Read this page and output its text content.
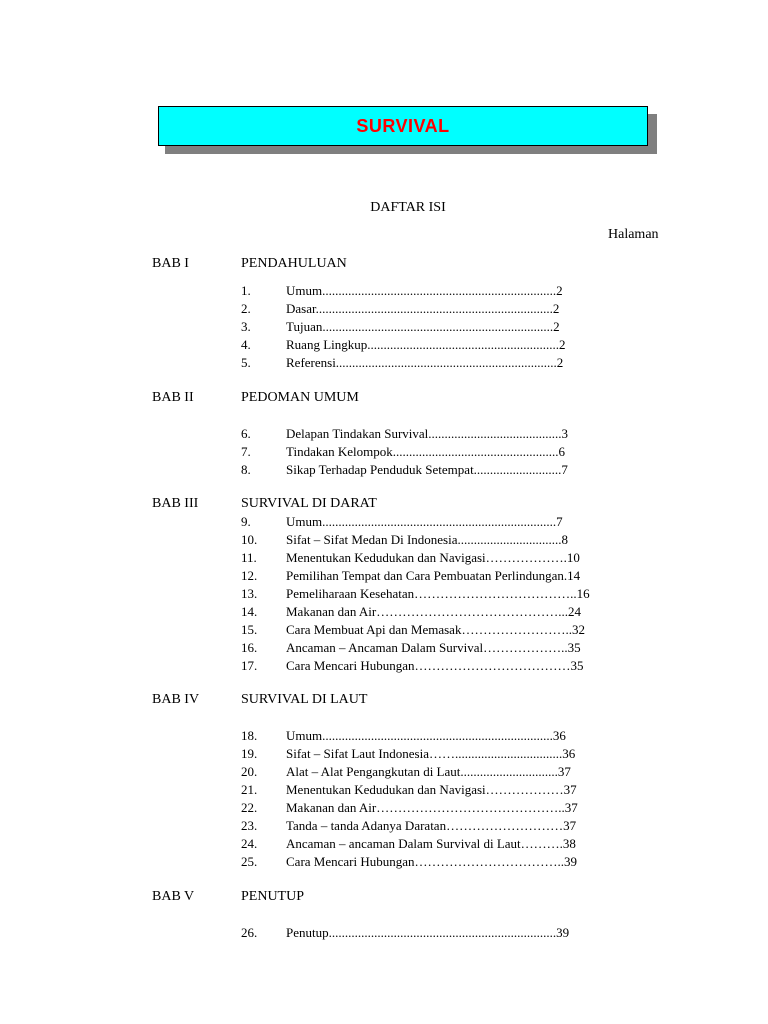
SURVIVAL
DAFTAR ISI
Halaman
BAB I	PENDAHULUAN
1.	Umum........................................................................2
2.	Dasar.........................................................................2
3.	Tujuan.......................................................................2
4.	Ruang Lingkup...........................................................2
5.	Referensi....................................................................2
BAB II	PEDOMAN UMUM
6.	Delapan Tindakan Survival.........................................3
7.	Tindakan Kelompok...................................................6
8.	Sikap Terhadap Penduduk Setempat...........................7
BAB III	SURVIVAL DI DARAT
9.	Umum........................................................................7
10.	Sifat – Sifat Medan Di Indonesia................................8
11.	Menentukan Kedudukan dan Navigasi……………….10
12.	Pemilihan Tempat dan Cara Pembuatan Perlindungan.14
13.	Pemeliharaan Kesehatan………………………………..16
14.	Makanan dan Air……………………………………...24
15.	Cara Membuat Api dan Memasak……………………..32
16.	Ancaman – Ancaman Dalam Survival………………..35
17.	Cara Mencari Hubungan………………………………35
BAB IV	SURVIVAL DI LAUT
18.	Umum.......................................................................36
19.	Sifat – Sifat Laut Indonesia…….................................36
20.	Alat – Alat Pengangkutan di Laut..............................37
21.	Menentukan Kedudukan dan Navigasi………………37
22.	Makanan dan Air……………………………………..37
23.	Tanda – tanda Adanya Daratan………………………37
24.	Ancaman – ancaman Dalam Survival di Laut……….38
25.	Cara Mencari Hubungan……………………………..39
BAB V	PENUTUP
26.	Penutup......................................................................39
